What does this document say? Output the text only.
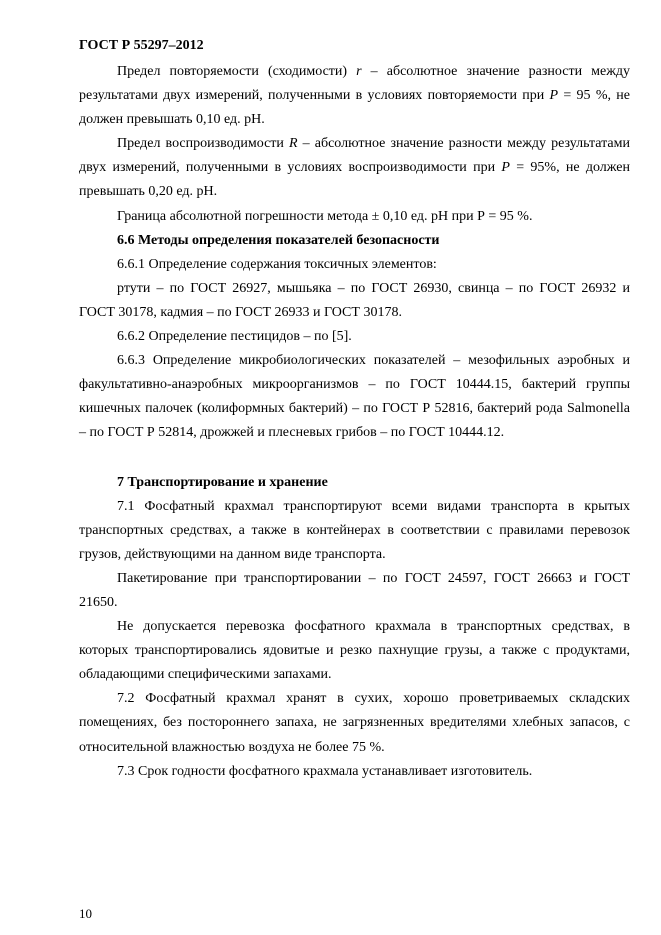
ГОСТ Р 55297–2012

Предел повторяемости (сходимости) r – абсолютное значение разности между результатами двух измерений, полученными в условиях повторяемости при P = 95 %, не должен превышать 0,10 ед. pH.

Предел воспроизводимости R – абсолютное значение разности между результатами двух измерений, полученными в условиях воспроизводимости при P = 95%, не должен превышать 0,20 ед. pH.

Граница абсолютной погрешности метода ± 0,10 ед. pH при Р = 95 %.

6.6 Методы определения показателей безопасности

6.6.1 Определение содержания токсичных элементов:

ртути – по ГОСТ 26927, мышьяка – по ГОСТ 26930, свинца – по ГОСТ 26932 и ГОСТ 30178, кадмия – по ГОСТ 26933 и ГОСТ 30178.

6.6.2 Определение пестицидов – по [5].

6.6.3 Определение микробиологических показателей – мезофильных аэробных и факультативно-анаэробных микроорганизмов – по ГОСТ 10444.15, бактерий группы кишечных палочек (колиформных бактерий) – по ГОСТ Р 52816, бактерий рода Salmonella – по ГОСТ Р 52814, дрожжей и плесневых грибов – по ГОСТ 10444.12.

7 Транспортирование и хранение

7.1 Фосфатный крахмал транспортируют всеми видами транспорта в крытых транспортных средствах, а также в контейнерах в соответствии с правилами перевозок грузов, действующими на данном виде транспорта.

Пакетирование при транспортировании – по ГОСТ 24597, ГОСТ 26663 и ГОСТ 21650.

Не допускается перевозка фосфатного крахмала в транспортных средствах, в которых транспортировались ядовитые и резко пахнущие грузы, а также с продуктами, обладающими специфическими запахами.

7.2 Фосфатный крахмал хранят в сухих, хорошо проветриваемых складских помещениях, без постороннего запаха, не загрязненных вредителями хлебных запасов, с относительной влажностью воздуха не более 75 %.

7.3 Срок годности фосфатного крахмала устанавливает изготовитель.

10
